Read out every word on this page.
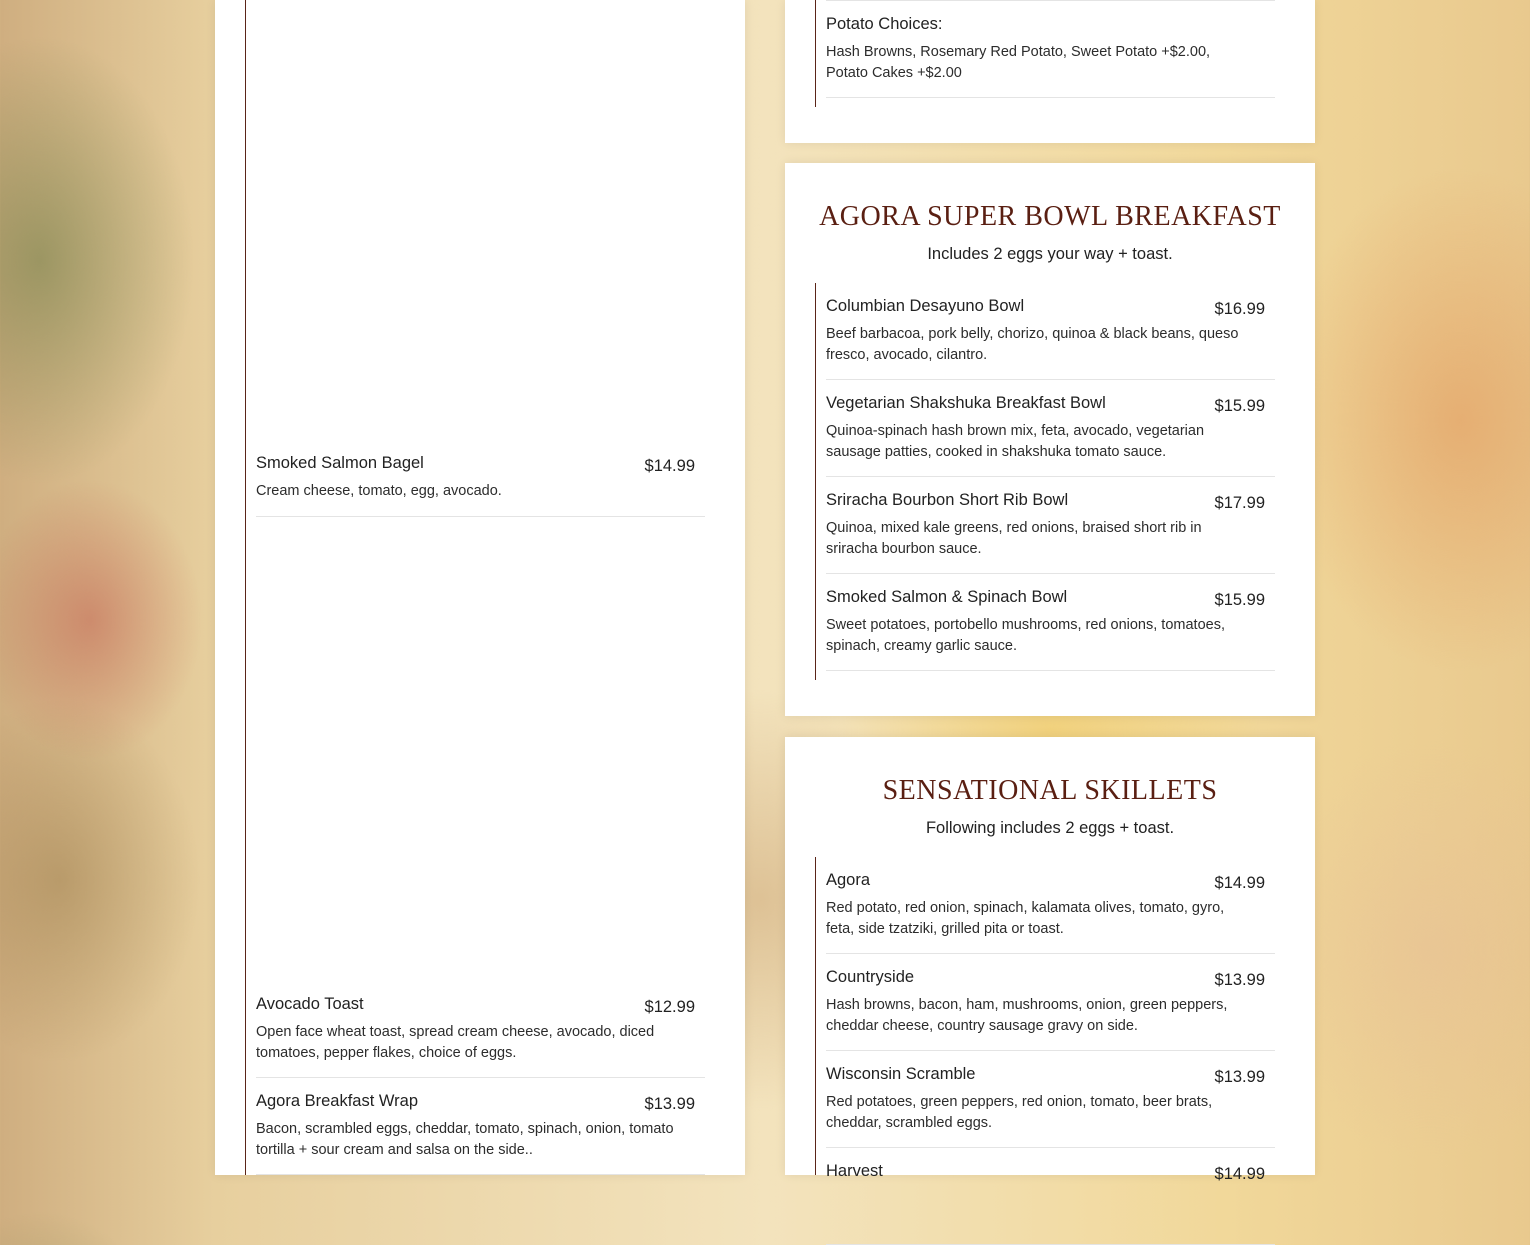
Smoked Salmon Bagel	$14.99
Cream cheese, tomato, egg, avocado.
Avocado Toast	$12.99
Open face wheat toast, spread cream cheese, avocado, diced tomatoes, pepper flakes, choice of eggs.
Agora Breakfast Wrap	$13.99
Bacon, scrambled eggs, cheddar, tomato, spinach, onion, tomato tortilla + sour cream and salsa on the side..
Potato Choices:
Hash Browns, Rosemary Red Potato, Sweet Potato +$2.00, Potato Cakes +$2.00
AGORA SUPER BOWL BREAKFAST
Includes 2 eggs your way + toast.
Columbian Desayuno Bowl	$16.99
Beef barbacoa, pork belly, chorizo, quinoa & black beans, queso fresco, avocado, cilantro.
Vegetarian Shakshuka Breakfast Bowl	$15.99
Quinoa-spinach hash brown mix, feta, avocado, vegetarian sausage patties, cooked in shakshuka tomato sauce.
Sriracha Bourbon Short Rib Bowl	$17.99
Quinoa, mixed kale greens, red onions, braised short rib in sriracha bourbon sauce.
Smoked Salmon & Spinach Bowl	$15.99
Sweet potatoes, portobello mushrooms, red onions, tomatoes, spinach, creamy garlic sauce.
SENSATIONAL SKILLETS
Following includes 2 eggs + toast.
Agora	$14.99
Red potato, red onion, spinach, kalamata olives, tomato, gyro, feta, side tzatziki, grilled pita or toast.
Countryside	$13.99
Hash browns, bacon, ham, mushrooms, onion, green peppers, cheddar cheese, country sausage gravy on side.
Wisconsin Scramble	$13.99
Red potatoes, green peppers, red onion, tomato, beer brats, cheddar, scrambled eggs.
Harvest	$14.99
